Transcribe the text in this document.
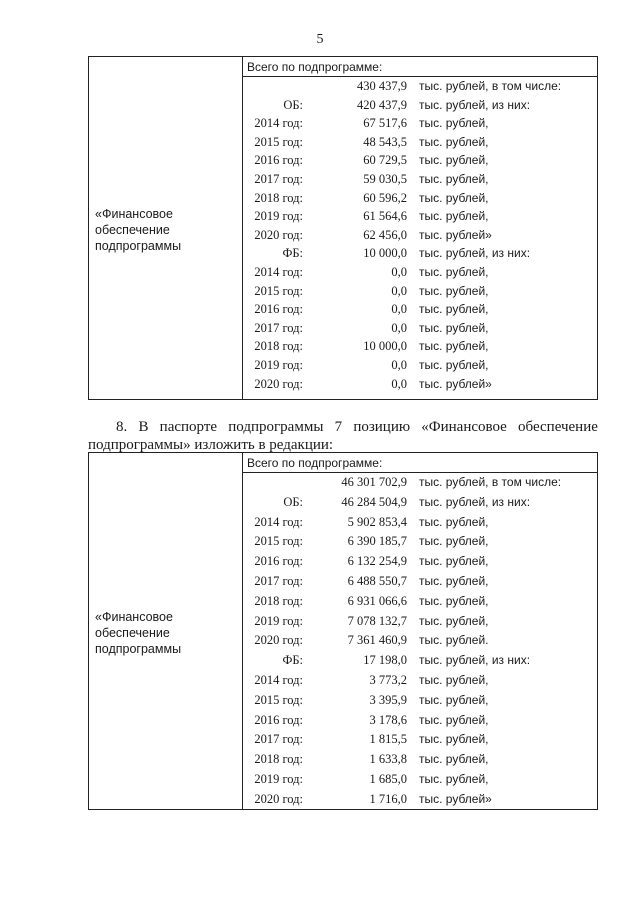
5
«Финансовое
обеспечение
подпрограммы
Всего по подпрограмме:
430 437,9 тыс. рублей, в том числе:
ОБ:	420 437,9 тыс. рублей, из них:
2014 год:	67 517,6 тыс. рублей,
2015 год:	48 543,5 тыс. рублей,
2016 год:	60 729,5 тыс. рублей,
2017 год:	59 030,5 тыс. рублей,
2018 год:	60 596,2 тыс. рублей,
2019 год:	61 564,6 тыс. рублей,
2020 год:	62 456,0 тыс. рублей»
ФБ:	10 000,0 тыс. рублей, из них:
2014 год:	0,0 тыс. рублей,
2015 год:	0,0 тыс. рублей,
2016 год:	0,0 тыс. рублей,
2017 год:	0,0 тыс. рублей,
2018 год:	10 000,0 тыс. рублей,
2019 год:	0,0 тыс. рублей,
2020 год:	0,0 тыс. рублей»
8. В паспорте подпрограммы 7 позицию «Финансовое обеспечение
подпрограммы» изложить в редакции:
«Финансовое
обеспечение
подпрограммы
Всего по подпрограмме:
46 301 702,9 тыс. рублей, в том числе:
ОБ:	46 284 504,9 тыс. рублей, из них:
2014 год:	5 902 853,4 тыс. рублей,
2015 год:	6 390 185,7 тыс. рублей,
2016 год:	6 132 254,9 тыс. рублей,
2017 год:	6 488 550,7 тыс. рублей,
2018 год:	6 931 066,6 тыс. рублей,
2019 год:	7 078 132,7 тыс. рублей,
2020 год:	7 361 460,9 тыс. рублей.
ФБ:	17 198,0 тыс. рублей, из них:
2014 год:	3 773,2 тыс. рублей,
2015 год:	3 395,9 тыс. рублей,
2016 год:	3 178,6 тыс. рублей,
2017 год:	1 815,5 тыс. рублей,
2018 год:	1 633,8 тыс. рублей,
2019 год:	1 685,0 тыс. рублей,
2020 год:	1 716,0 тыс. рублей»
